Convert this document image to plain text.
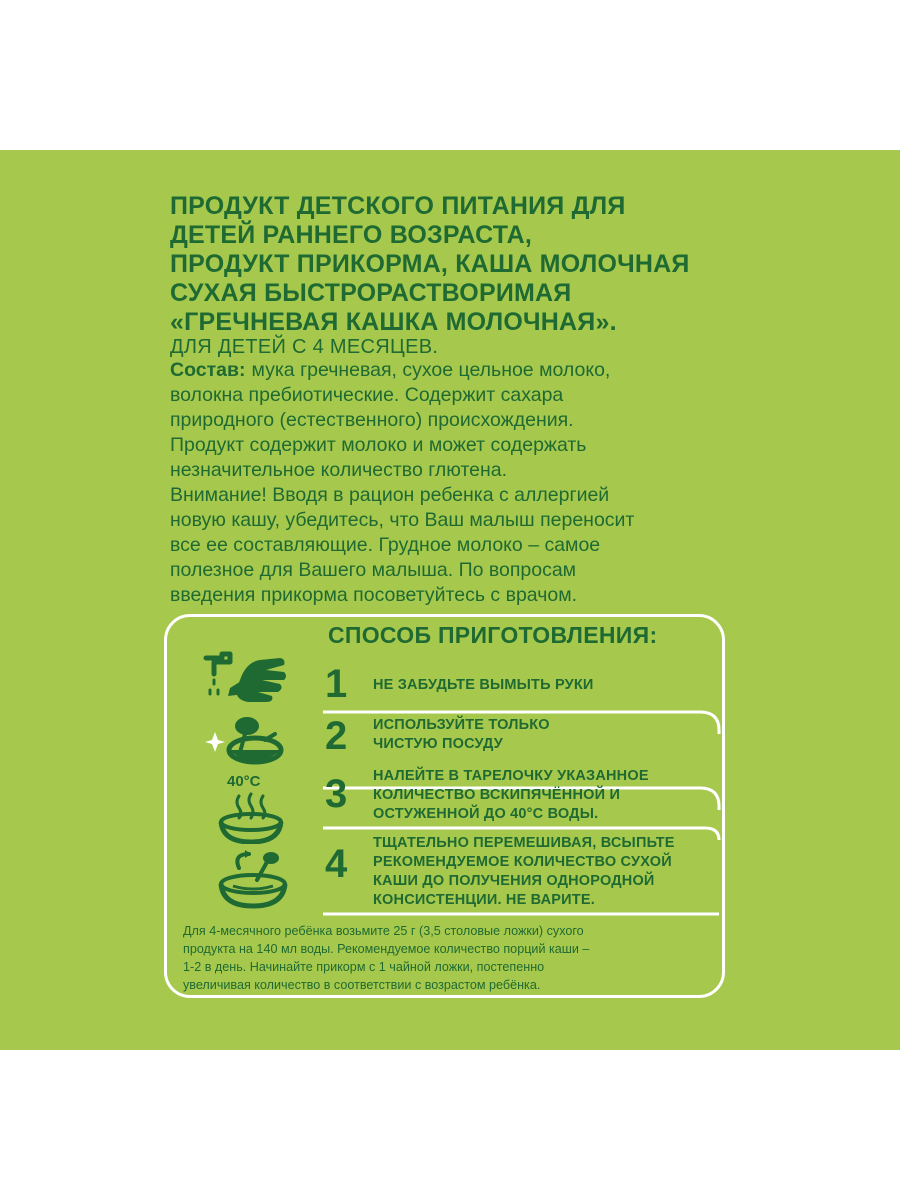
ПРОДУКТ ДЕТСКОГО ПИТАНИЯ ДЛЯ
ДЕТЕЙ РАННЕГО ВОЗРАСТА,
ПРОДУКТ ПРИКОРМА, КАША МОЛОЧНАЯ
СУХАЯ БЫСТРОРАСТВОРИМАЯ
«ГРЕЧНЕВАЯ КАШКА МОЛОЧНАЯ».
ДЛЯ ДЕТЕЙ С 4 МЕСЯЦЕВ.
Состав: мука гречневая, сухое цельное молоко,
волокна пребиотические. Содержит сахара
природного (естественного) происхождения.
Продукт содержит молоко и может содержать
незначительное количество глютена.
Внимание! Вводя в рацион ребенка с аллергией
новую кашу, убедитесь, что Ваш малыш переносит
все ее составляющие. Грудное молоко – самое
полезное для Вашего малыша. По вопросам
введения прикорма посоветуйтесь с врачом.
СПОСОБ ПРИГОТОВЛЕНИЯ:
1
2
3
4
НЕ ЗАБУДЬТЕ ВЫМЫТЬ РУКИ
ИСПОЛЬЗУЙТЕ ТОЛЬКО
ЧИСТУЮ ПОСУДУ
НАЛЕЙТЕ В ТАРЕЛОЧКУ УКАЗАННОЕ
КОЛИЧЕСТВО ВСКИПЯЧЁННОЙ И
ОСТУЖЕННОЙ ДО 40°С ВОДЫ.
ТЩАТЕЛЬНО ПЕРЕМЕШИВАЯ, ВСЫПЬТЕ
РЕКОМЕНДУЕМОЕ КОЛИЧЕСТВО СУХОЙ
КАШИ ДО ПОЛУЧЕНИЯ ОДНОРОДНОЙ
КОНСИСТЕНЦИИ. НЕ ВАРИТЕ.
Для 4-месячного ребёнка возьмите 25 г (3,5 столовые ложки) сухого
продукта на 140 мл воды. Рекомендуемое количество порций каши –
1-2 в день. Начинайте прикорм с 1 чайной ложки, постепенно
увеличивая количество в соответствии с возрастом ребёнка.
40°C
